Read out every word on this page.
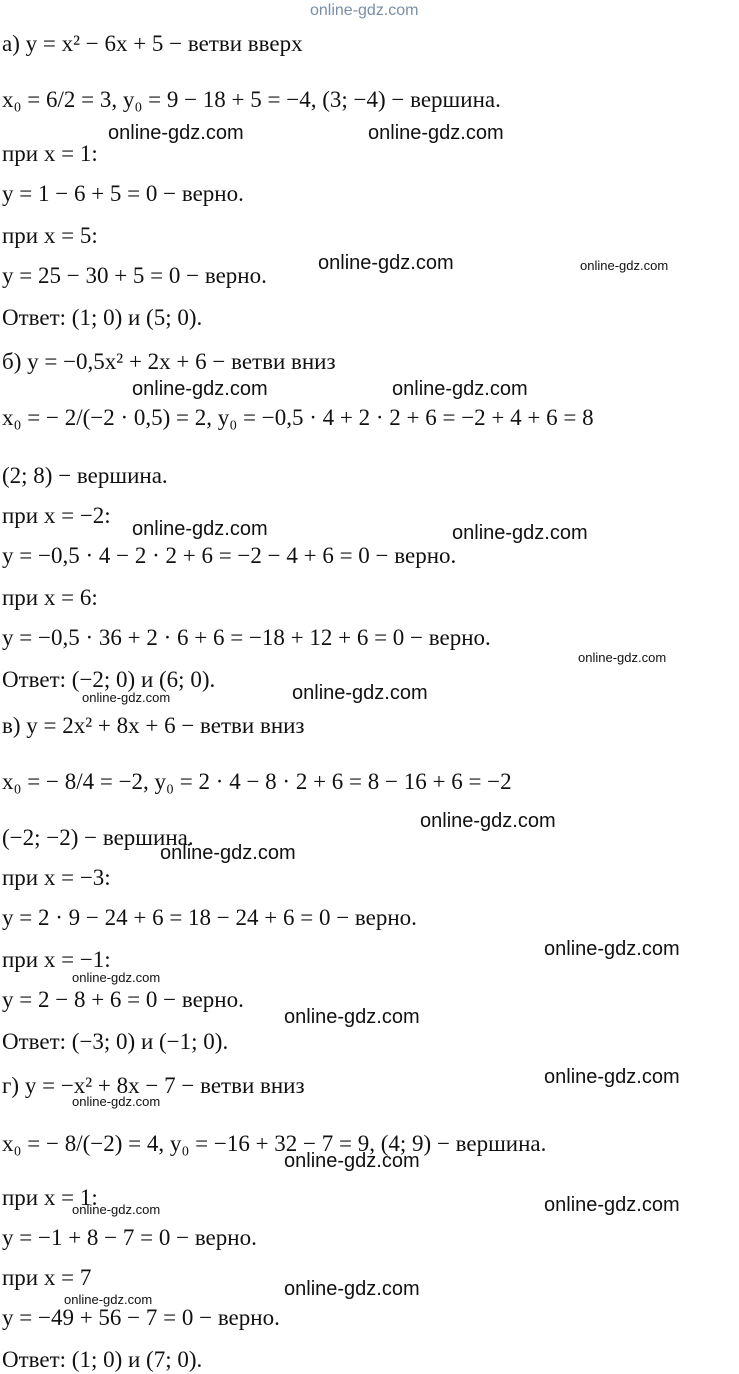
online-gdz.com
а) y = x² − 6x + 5 − ветви вверх
x₀ = 6/2 = 3, y₀ = 9 − 18 + 5 = −4, (3; −4) − вершина.
при x = 1:
y = 1 − 6 + 5 = 0 − верно.
при x = 5:
y = 25 − 30 + 5 = 0 − верно.
Ответ: (1; 0) и (5; 0).
б) y = −0,5x² + 2x + 6 − ветви вниз
x₀ = − 2/(−2 · 0,5) = 2, y₀ = −0,5 · 4 + 2 · 2 + 6 = −2 + 4 + 6 = 8
(2; 8) − вершина.
при x = −2:
y = −0,5 · 4 − 2 · 2 + 6 = −2 − 4 + 6 = 0 − верно.
при x = 6:
y = −0,5 · 36 + 2 · 6 + 6 = −18 + 12 + 6 = 0 − верно.
Ответ: (−2; 0) и (6; 0).
в) y = 2x² + 8x + 6 − ветви вниз
x₀ = − 8/4 = −2, y₀ = 2 · 4 − 8 · 2 + 6 = 8 − 16 + 6 = −2
(−2; −2) − вершина.
при x = −3:
y = 2 · 9 − 24 + 6 = 18 − 24 + 6 = 0 − верно.
при x = −1:
y = 2 − 8 + 6 = 0 − верно.
Ответ: (−3; 0) и (−1; 0).
г) y = −x² + 8x − 7 − ветви вниз
x₀ = − 8/(−2) = 4, y₀ = −16 + 32 − 7 = 9, (4; 9) − вершина.
при x = 1:
y = −1 + 8 − 7 = 0 − верно.
при x = 7
y = −49 + 56 − 7 = 0 − верно.
Ответ: (1; 0) и (7; 0).
online-gdz.com	online-gdz.com
online-gdz.com	online-gdz.com
online-gdz.com	online-gdz.com
online-gdz.com	online-gdz.com
online-gdz.com
online-gdz.com	online-gdz.com
online-gdz.com
online-gdz.com
online-gdz.com
online-gdz.com
online-gdz.com
online-gdz.com
online-gdz.com
online-gdz.com
online-gdz.com
online-gdz.com
online-gdz.com
online-gdz.com
